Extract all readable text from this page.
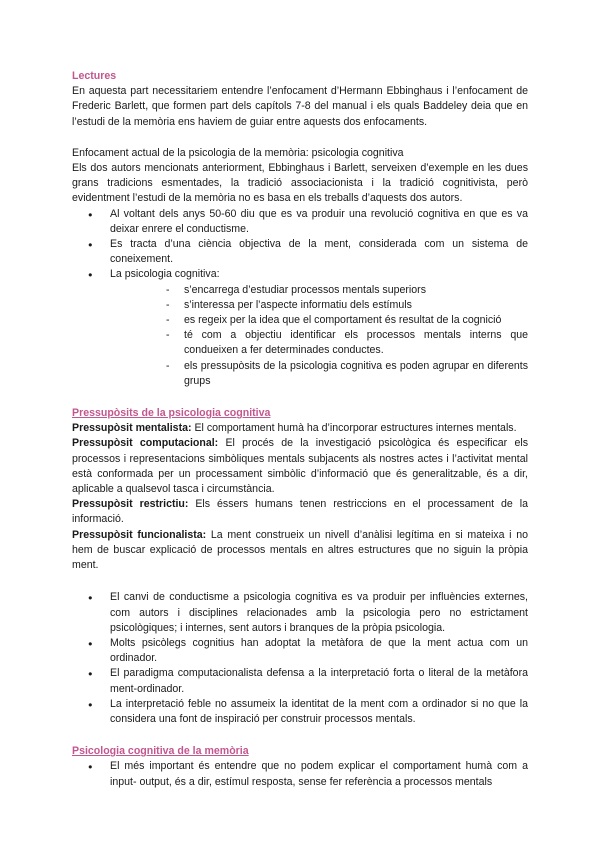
Lectures

En aquesta part necessitariem entendre l’enfocament d’Hermann Ebbinghaus i l’enfocament de Frederic Barlett, que formen part dels capítols 7-8 del manual i els quals Baddeley deia que en l’estudi de la memòria ens haviem de guiar entre aquests dos enfocaments.

Enfocament actual de la psicologia de la memòria: psicologia cognitiva

Els dos autors mencionats anteriorment, Ebbinghaus i Barlett, serveixen d’exemple en les dues grans tradicions esmentades, la tradició associacionista i la tradició cognitivista, però evidentment l’estudi de la memòria no es basa en els treballs d’aquests dos autors.

● Al voltant dels anys 50-60 diu que es va produir una revolució cognitiva en que es va deixar enrere el conductisme.
● Es tracta d’una ciència objectiva de la ment, considerada com un sistema de coneixement.
● La psicologia cognitiva:
- s’encarrega d’estudiar processos mentals superiors
- s’interessa per l’aspecte informatiu dels estímuls
- es regeix per la idea que el comportament és resultat de la cognició
- té com a objectiu identificar els processos mentals interns que condueixen a fer determinades conductes.
- els pressupòsits de la psicologia cognitiva es poden agrupar en diferents grups
Pressupòsits de la psicologia cognitiva

Pressupòsit mentalista: El comportament humà ha d’incorporar estructures internes mentals.

Pressupòsit computacional: El procés de la investigació psicològica és especificar els processos i representacions simbòliques mentals subjacents als nostres actes i l’activitat mental està conformada per un processament simbòlic d’informació que és generalitzable, és a dir, aplicable a qualsevol tasca i circumstància.

Pressupòsit restrictiu: Els éssers humans tenen restriccions en el processament de la informació.

Pressupòsit funcionalista: La ment construeix un nivell d’anàlisi legítima en si mateixa i no hem de buscar explicació de processos mentals en altres estructures que no siguin la pròpia ment.

● El canvi de conductisme a psicologia cognitiva es va produir per influències externes, com autors i disciplines relacionades amb la psicologia pero no estrictament psicològiques; i internes, sent autors i branques de la pròpia psicologia.
● Molts psicòlegs cognitius han adoptat la metàfora de que la ment actua com un ordinador.
● El paradigma computacionalista defensa a la interpretació forta o literal de la metàfora ment-ordinador.
● La interpretació feble no assumeix la identitat de la ment com a ordinador si no que la considera una font de inspiració per construir processos mentals.
Psicologia cognitiva de la memòria
● El més important és entendre que no podem explicar el comportament humà com a input- output, és a dir, estímul resposta, sense fer referència a processos mentals
